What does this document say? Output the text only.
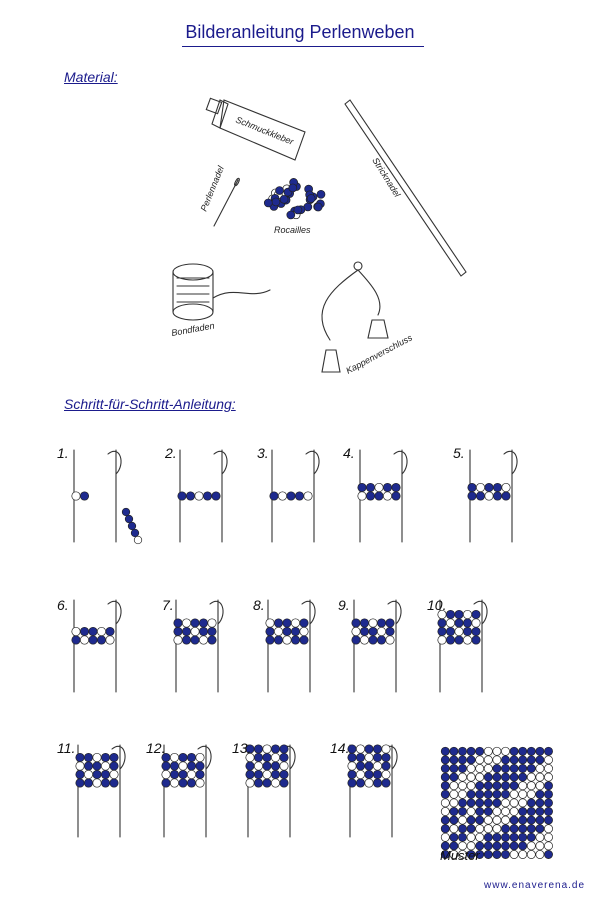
Bilderanleitung Perlenweben
Material:
Schritt-für-Schritt-Anleitung:
Schmuckkleber
Perlennadel
Rocailles
Stricknadel
Bondfaden
Kappenverschluss
1.	2.	3.	4.	5.
6.	7.	8.	9.	10.
11.	12.	13.	14.
Muster
www.enaverena.de
